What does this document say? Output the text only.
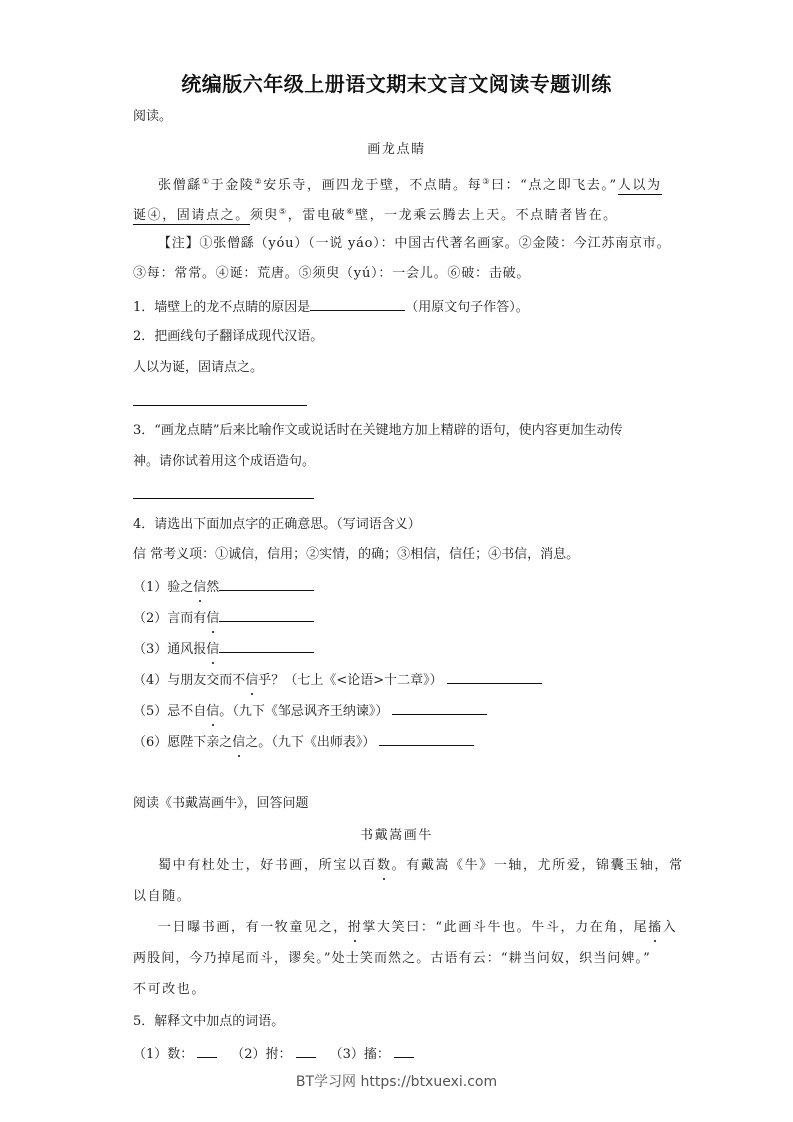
统编版六年级上册语文期末文言文阅读专题训练
阅读。
画龙点睛
张僧繇①于金陵②安乐寺，画四龙于壁，不点睛。每③曰：“点之即飞去。”人以为
诞④，固请点之。须臾⑤，雷电破⑥壁，一龙乘云腾去上天。不点睛者皆在。
【注】①张僧繇（yóu）（一说 yáo）：中国古代著名画家。②金陵：今江苏南京市。
③每：常常。④诞：荒唐。⑤须臾（yú）：一会儿。⑥破：击破。
1．墙壁上的龙不点睛的原因是	（用原文句子作答）。
2．把画线句子翻译成现代汉语。
人以为诞，固请点之。
3．“画龙点睛”后来比喻作文或说话时在关键地方加上精辟的语句，使内容更加生动传
神。请你试着用这个成语造句。
4．请选出下面加点字的正确意思。（写词语含义）
信 常考义项：①诚信，信用；②实情，的确；③相信，信任；④书信，消息。
（1）验之信然
（2）言而有信
（3）通风报信
（4）与朋友交而不信乎？（七上《<论语>十二章》）
（5）忌不自信。（九下《邹忌讽齐王纳谏》）
（6）愿陛下亲之信之。（九下《出师表》）
阅读《书戴嵩画牛》，回答问题
书戴嵩画牛
蜀中有杜处士，好书画，所宝以百数。有戴嵩《牛》一轴，尤所爱，锦囊玉轴，常
以自随。
一日曝书画，有一牧童见之，拊掌大笑曰：“此画斗牛也。牛斗，力在角，尾搐入
两股间，今乃掉尾而斗，谬矣。”处士笑而然之。古语有云：“耕当问奴，织当问婢。”
不可改也。
5．解释文中加点的词语。
（1）数：	（2）拊：	（3）搐：
BT学习网 https://btxuexi.com
